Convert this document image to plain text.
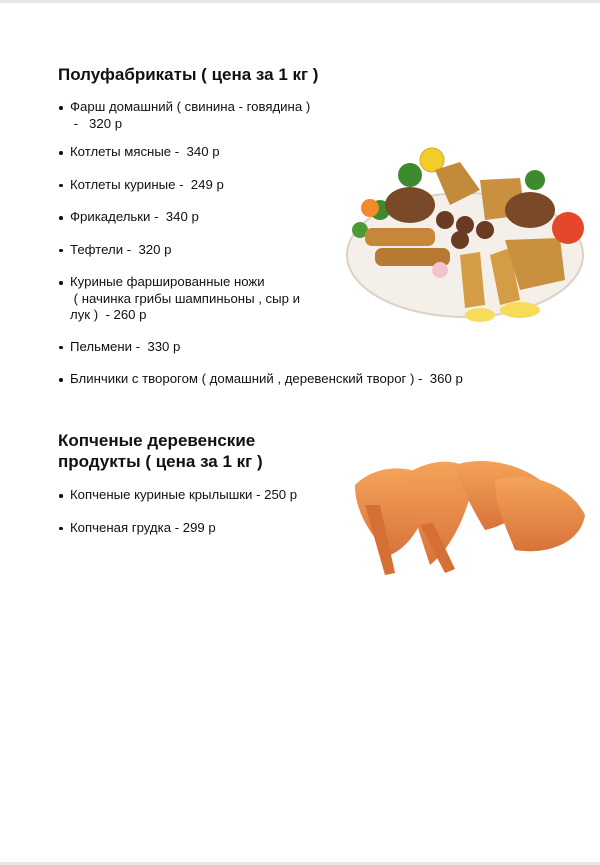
Полуфабрикаты ( цена за 1 кг )
Фарш домашний ( свинина - говядина )
-   320 р
Котлеты мясные -  340 р
Котлеты куриные -  249 р
Фрикадельки -  340 р
Тефтели -  320 р
Куриные фаршированные ножи
( начинка грибы шампиньоны , сыр и
лук )  - 260 р
Пельмени -  330 р
Блинчики с творогом ( домашний , деревенский творог ) -  360 р
Копченые деревенские
продукты ( цена за 1 кг )
Копченые куриные крылышки - 250 р
Копченая грудка - 299 р
